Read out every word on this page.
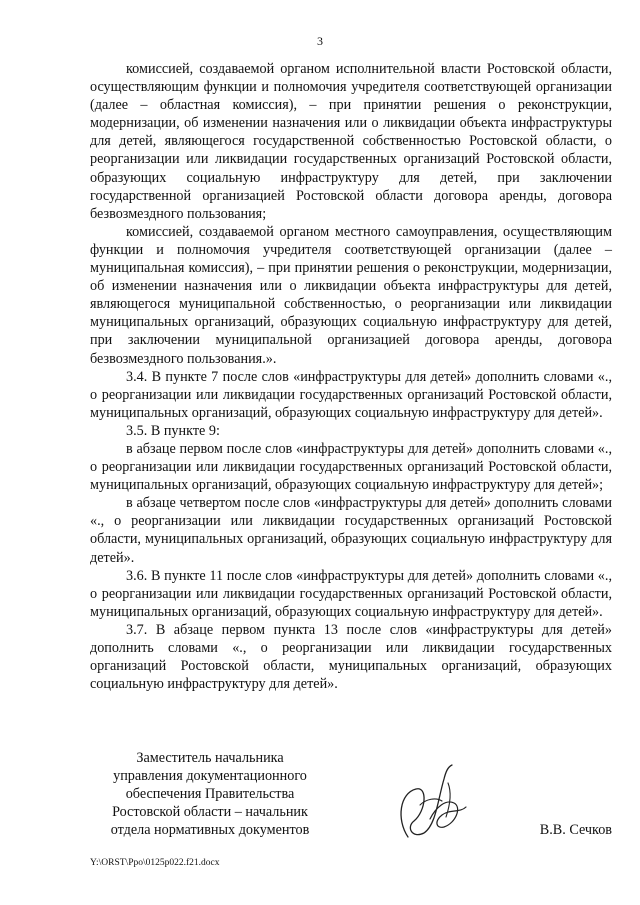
3

комиссией, создаваемой органом исполнительной власти Ростовской области, осуществляющим функции и полномочия учредителя соответствующей организации (далее – областная комиссия), – при принятии решения о реконструкции, модернизации, об изменении назначения или о ликвидации объекта инфраструктуры для детей, являющегося государственной собственностью Ростовской области, о реорганизации или ликвидации государственных организаций Ростовской области, образующих социальную инфраструктуру для детей, при заключении государственной организацией Ростовской области договора аренды, договора безвозмездного пользования;

комиссией, создаваемой органом местного самоуправления, осуществляющим функции и полномочия учредителя соответствующей организации (далее – муниципальная комиссия), – при принятии решения о реконструкции, модернизации, об изменении назначения или о ликвидации объекта инфраструктуры для детей, являющегося муниципальной собственностью, о реорганизации или ликвидации муниципальных организаций, образующих социальную инфраструктуру для детей, при заключении муниципальной организацией договора аренды, договора безвозмездного пользования.».

3.4. В пункте 7 после слов «инфраструктуры для детей» дополнить словами «., о реорганизации или ликвидации государственных организаций Ростовской области, муниципальных организаций, образующих социальную инфраструктуру для детей».

3.5. В пункте 9:

в абзаце первом после слов «инфраструктуры для детей» дополнить словами «., о реорганизации или ликвидации государственных организаций Ростовской области, муниципальных организаций, образующих социальную инфраструктуру для детей»;

в абзаце четвертом после слов «инфраструктуры для детей» дополнить словами «., о реорганизации или ликвидации государственных организаций Ростовской области, муниципальных организаций, образующих социальную инфраструктуру для детей».

3.6. В пункте 11 после слов «инфраструктуры для детей» дополнить словами «., о реорганизации или ликвидации государственных организаций Ростовской области, муниципальных организаций, образующих социальную инфраструктуру для детей».

3.7. В абзаце первом пункта 13 после слов «инфраструктуры для детей» дополнить словами «., о реорганизации или ликвидации государственных организаций Ростовской области, муниципальных организаций, образующих социальную инфраструктуру для детей».

Заместитель начальника
управления документационного
обеспечения Правительства
Ростовской области – начальник
отдела нормативных документов	В.В. Сечков
Y:\ORST\Ppo\0125p022.f21.docx
